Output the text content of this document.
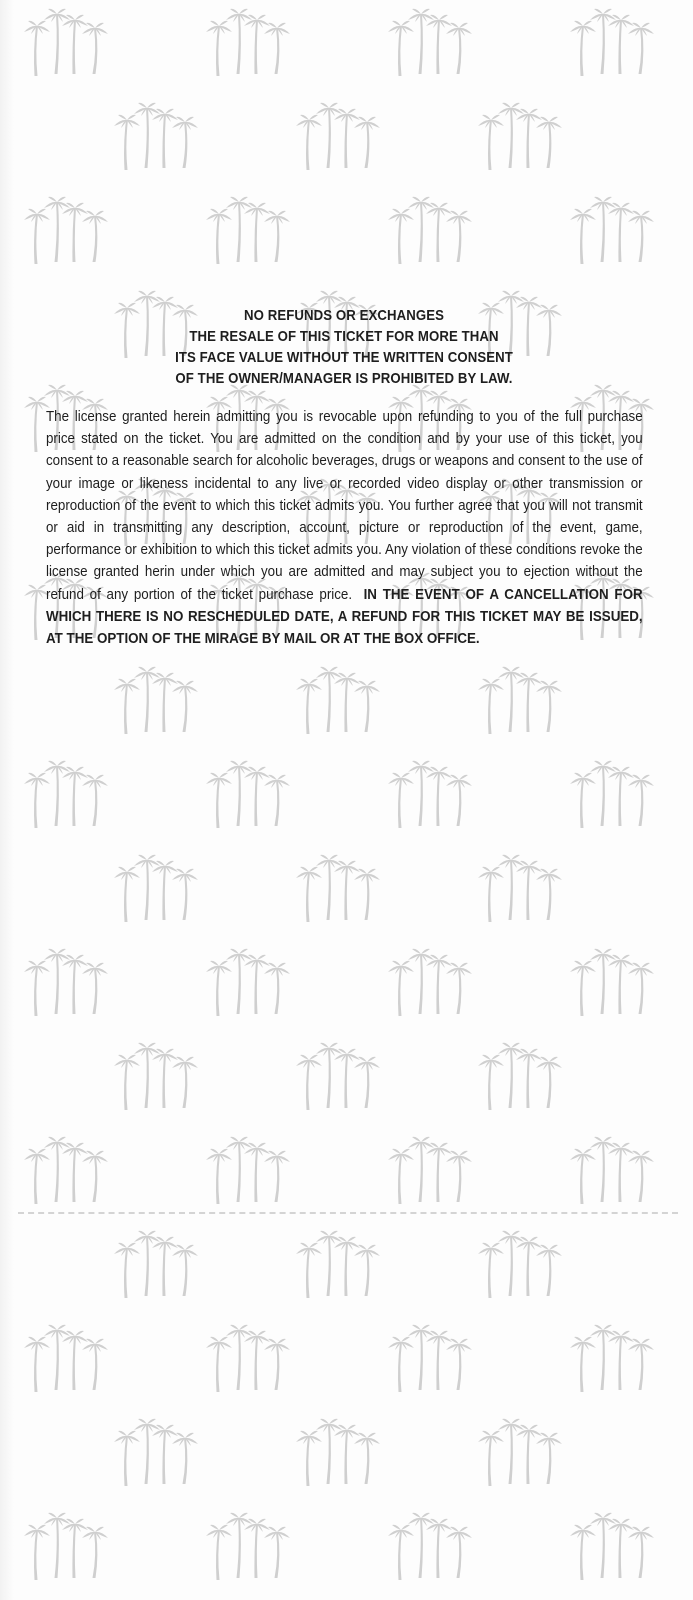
NO REFUNDS OR EXCHANGES
THE RESALE OF THIS TICKET FOR MORE THAN
ITS FACE VALUE WITHOUT THE WRITTEN CONSENT
OF THE OWNER/MANAGER IS PROHIBITED BY LAW.
The license granted herein admitting you is revocable upon refunding to you of the full purchase price stated on the ticket. You are admitted on the condition and by your use of this ticket, you consent to a reasonable search for alcoholic beverages, drugs or weapons and consent to the use of your image or likeness incidental to any live or recorded video display or other transmission or reproduction of the event to which this ticket admits you. You further agree that you will not transmit or aid in transmitting any description, account, picture or reproduction of the event, game, performance or exhibition to which this ticket admits you. Any violation of these conditions revoke the license granted herin under which you are admitted and may subject you to ejection without the refund of any portion of the ticket purchase price. IN THE EVENT OF A CANCELLATION FOR WHICH THERE IS NO RESCHEDULED DATE, A REFUND FOR THIS TICKET MAY BE ISSUED, AT THE OPTION OF THE MIRAGE BY MAIL OR AT THE BOX OFFICE.
